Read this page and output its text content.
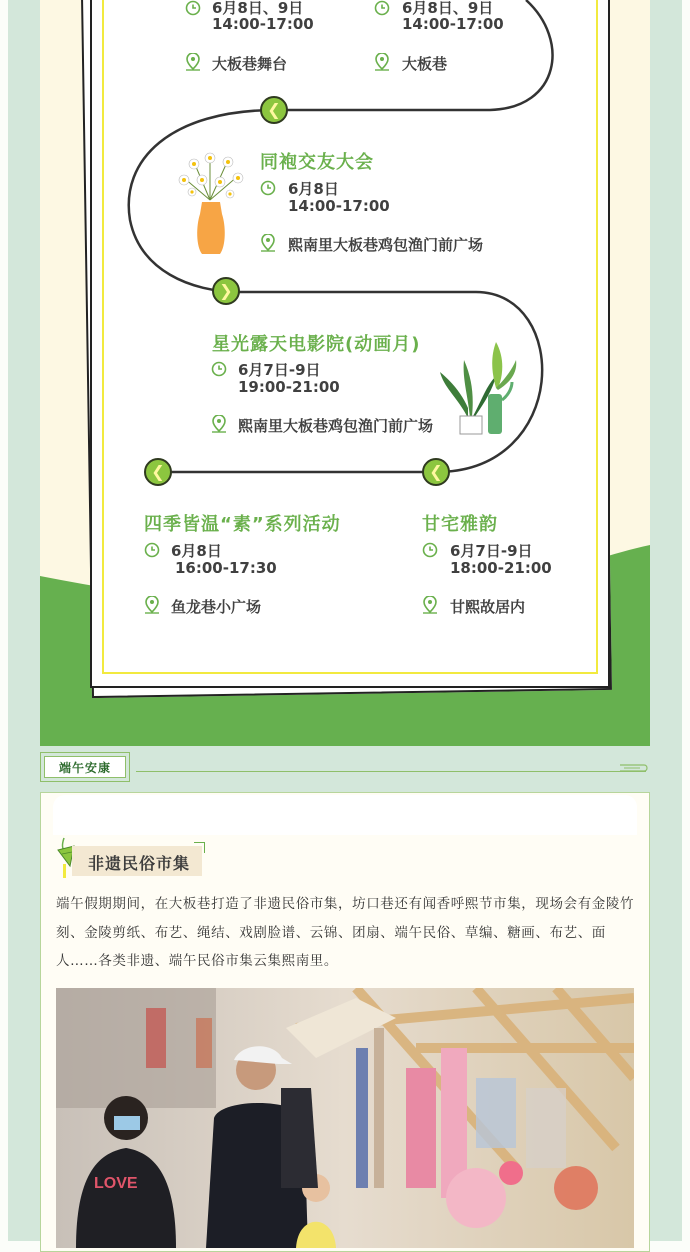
6月8日、9日
14:00-17:00
大板巷舞台
6月8日、9日
14:00-17:00
大板巷
❮
同袍交友大会
6月8日
14:00-17:00
熙南里大板巷鸡包渔门前广场
❯
星光露天电影院(动画月)
6月7日-9日
19:00-21:00
熙南里大板巷鸡包渔门前广场
❮	❮
四季皆温“素”系列活动
6月8日
16:00-17:30
鱼龙巷小广场
甘宅雅韵
6月7日-9日
18:00-21:00
甘熙故居内
端午安康
非遗民俗市集

端午假期期间，在大板巷打造了非遗民俗市集，坊口巷还有闻香呼熙节市集，现场会有金陵竹刻、金陵剪纸、布艺、绳结、戏剧脸谱、云锦、团扇、端午民俗、草编、糖画、布艺、面人……各类非遗、端午民俗市集云集熙南里。

LOVE
